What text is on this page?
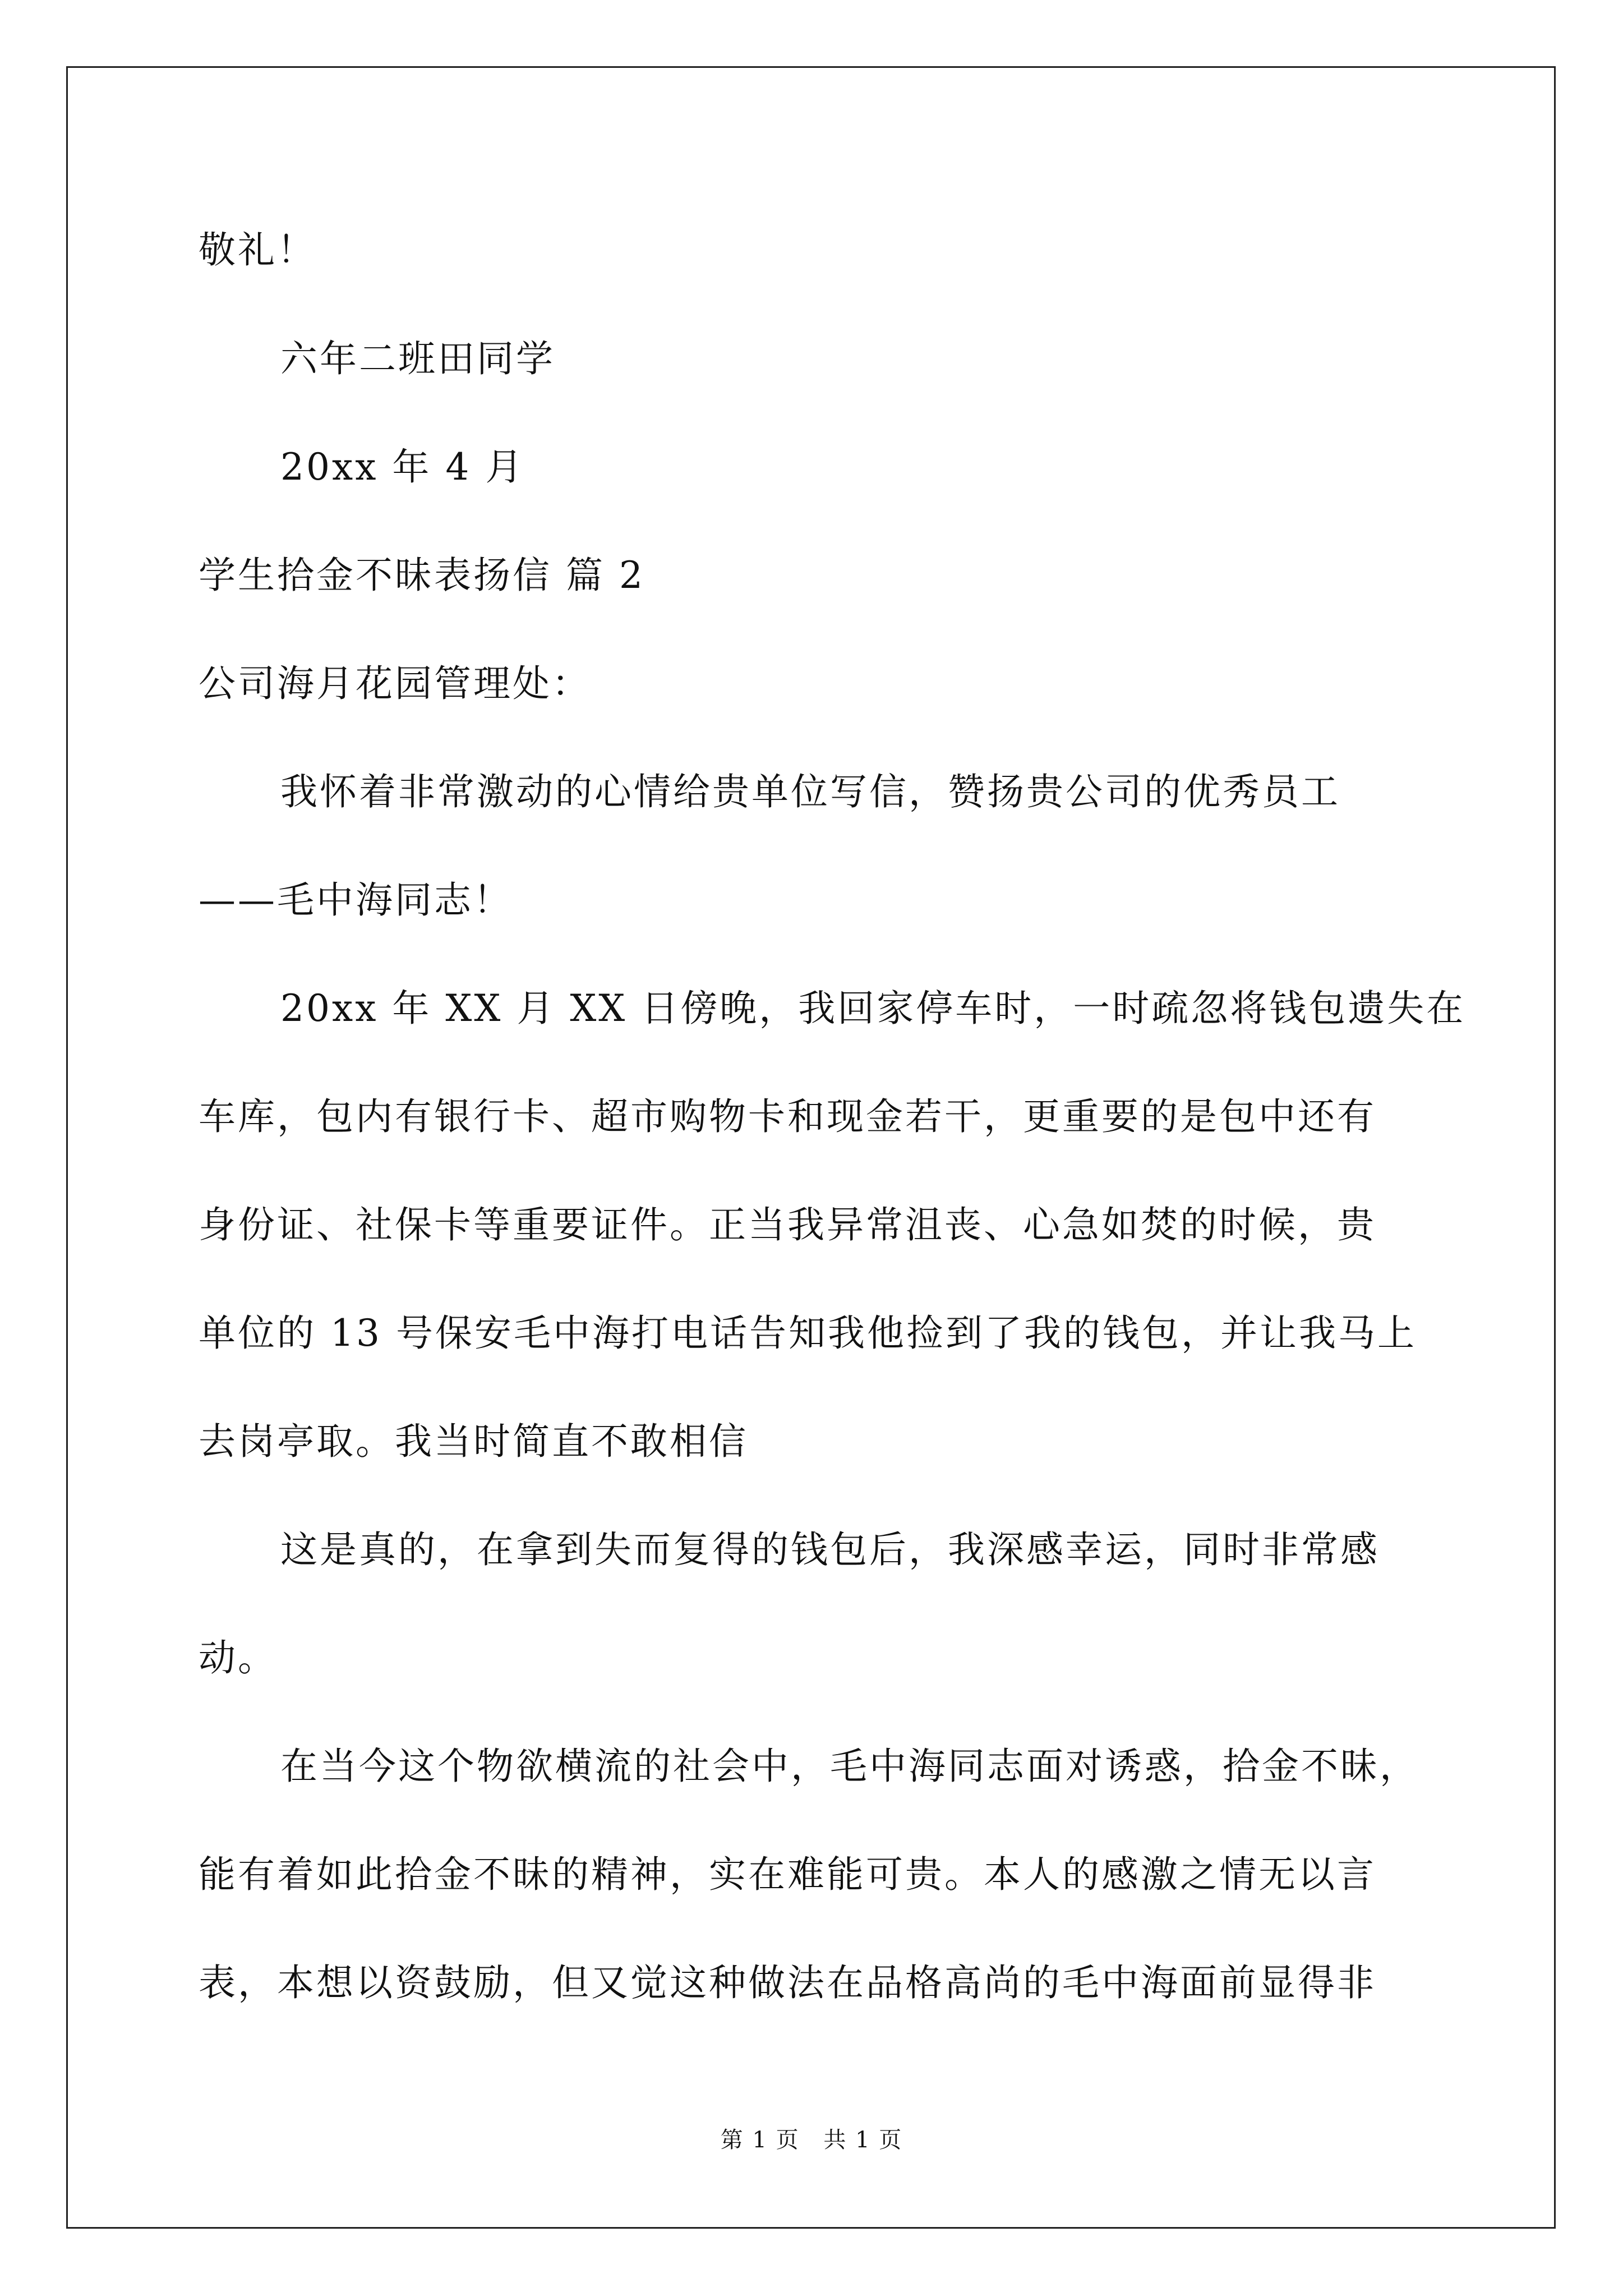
敬礼！
六年二班田同学
20xx 年 4 月
学生拾金不昧表扬信 篇 2
公司海月花园管理处：
我怀着非常激动的心情给贵单位写信，赞扬贵公司的优秀员工
——毛中海同志！
20xx 年 XX 月 XX 日傍晚，我回家停车时，一时疏忽将钱包遗失在
车库，包内有银行卡、超市购物卡和现金若干，更重要的是包中还有
身份证、社保卡等重要证件。正当我异常沮丧、心急如焚的时候，贵
单位的 13 号保安毛中海打电话告知我他捡到了我的钱包，并让我马上
去岗亭取。我当时简直不敢相信
这是真的，在拿到失而复得的钱包后，我深感幸运，同时非常感
动。
在当今这个物欲横流的社会中，毛中海同志面对诱惑，拾金不昧，
能有着如此拾金不昧的精神，实在难能可贵。本人的感激之情无以言
表，本想以资鼓励，但又觉这种做法在品格高尚的毛中海面前显得非
第 1 页 共 1 页
